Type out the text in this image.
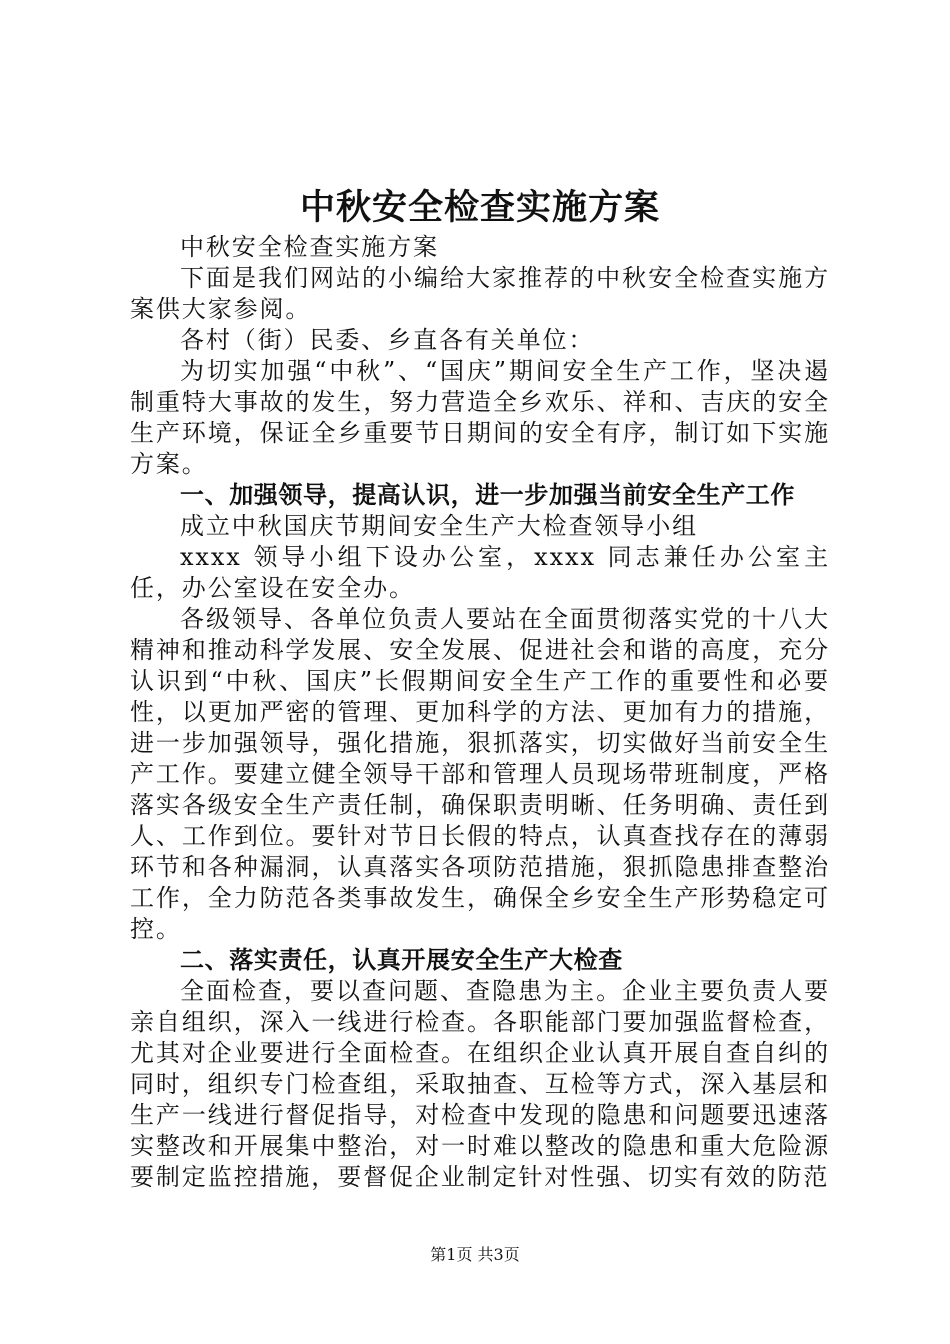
中秋安全检查实施方案

中秋安全检查实施方案

下面是我们网站的小编给大家推荐的中秋安全检查实施方案供大家参阅。

各村（街）民委、乡直各有关单位：

为切实加强“中秋”、“国庆”期间安全生产工作，坚决遏制重特大事故的发生，努力营造全乡欢乐、祥和、吉庆的安全生产环境，保证全乡重要节日期间的安全有序，制订如下实施方案。

一、加强领导，提高认识，进一步加强当前安全生产工作

成立中秋国庆节期间安全生产大检查领导小组

xxxx 领导小组下设办公室，xxxx 同志兼任办公室主任，办公室设在安全办。

各级领导、各单位负责人要站在全面贯彻落实党的十八大精神和推动科学发展、安全发展、促进社会和谐的高度，充分认识到“中秋、国庆”长假期间安全生产工作的重要性和必要性，以更加严密的管理、更加科学的方法、更加有力的措施，进一步加强领导，强化措施，狠抓落实，切实做好当前安全生产工作。要建立健全领导干部和管理人员现场带班制度，严格落实各级安全生产责任制，确保职责明晰、任务明确、责任到人、工作到位。要针对节日长假的特点，认真查找存在的薄弱环节和各种漏洞，认真落实各项防范措施，狠抓隐患排查整治工作，全力防范各类事故发生，确保全乡安全生产形势稳定可控。

二、落实责任，认真开展安全生产大检查

全面检查，要以查问题、查隐患为主。企业主要负责人要亲自组织，深入一线进行检查。各职能部门要加强监督检查，尤其对企业要进行全面检查。在组织企业认真开展自查自纠的同时，组织专门检查组，采取抽查、互检等方式，深入基层和生产一线进行督促指导，对检查中发现的隐患和问题要迅速落实整改和开展集中整治，对一时难以整改的隐患和重大危险源要制定监控措施，要督促企业制定针对性强、切实有效的防范

第1页 共3页
